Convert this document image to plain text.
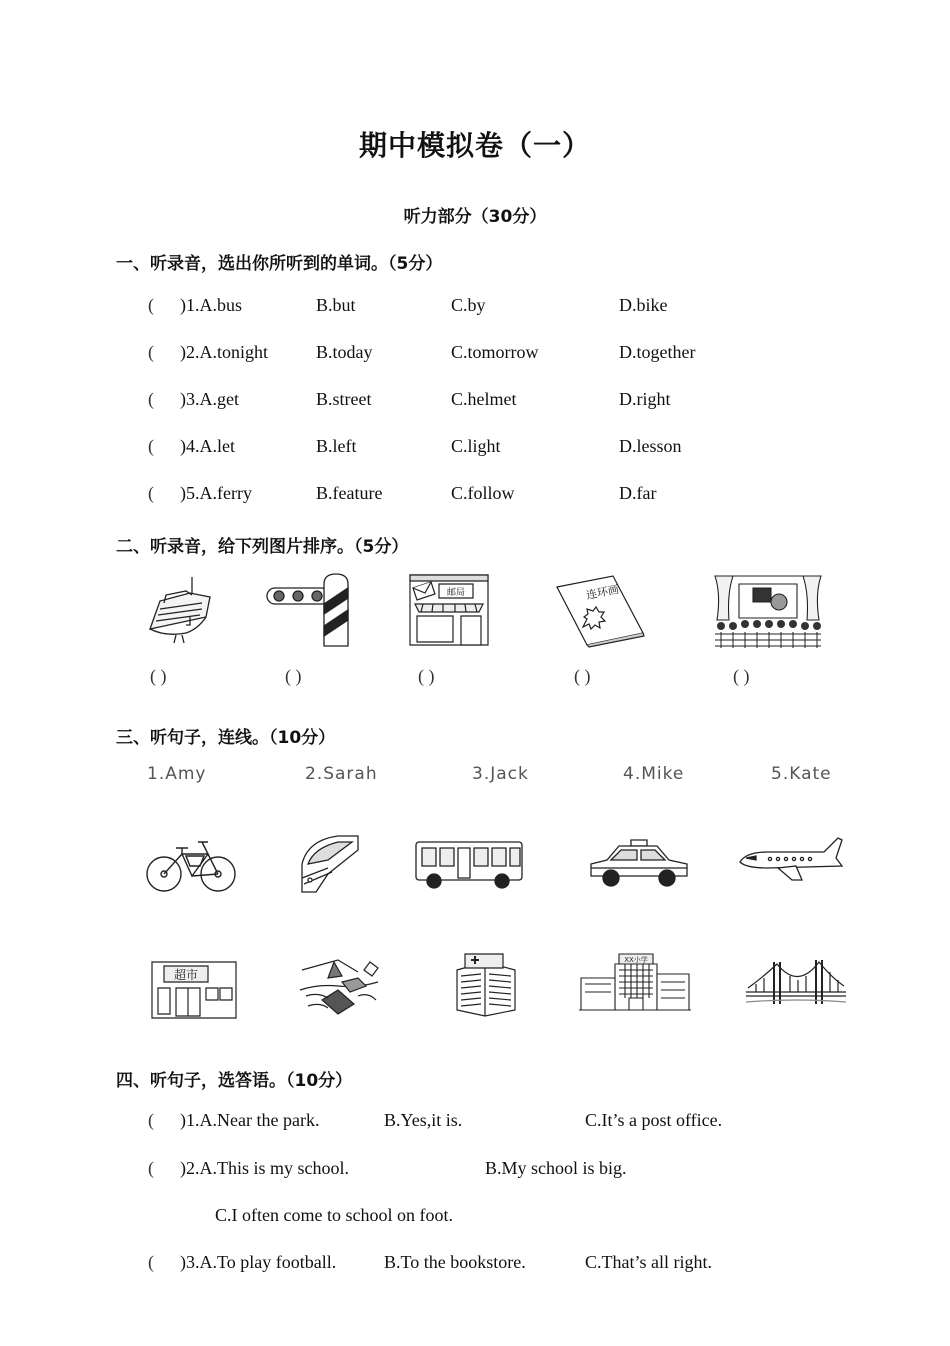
期中模拟卷（一）
听力部分（30分）
一、听录音，选出你所听到的单词。（5分）
( )1.A.bus	B.but	C.by	D.bike
( )2.A.tonight	B.today	C.tomorrow	D.together
( )3.A.get	B.street	C.helmet	D.right
( )4.A.let	B.left	C.light	D.lesson
( )5.A.ferry	B.feature	C.follow	D.far
二、听录音，给下列图片排序。（5分）
邮局	连环画
( )	( )	( )	( )	( )
三、听句子，连线。（10分）
1.Amy	2.Sarah	3.Jack	4.Mike	5.Kate
超市
XX小学
四、听句子，选答语。（10分）
( )1.A.Near the park.	B.Yes,it is.	C.It’s a post office.
( )2.A.This is my school.	B.My school is big.
C.I often come to school on foot.
( )3.A.To play football.	B.To the bookstore.	C.That’s all right.
